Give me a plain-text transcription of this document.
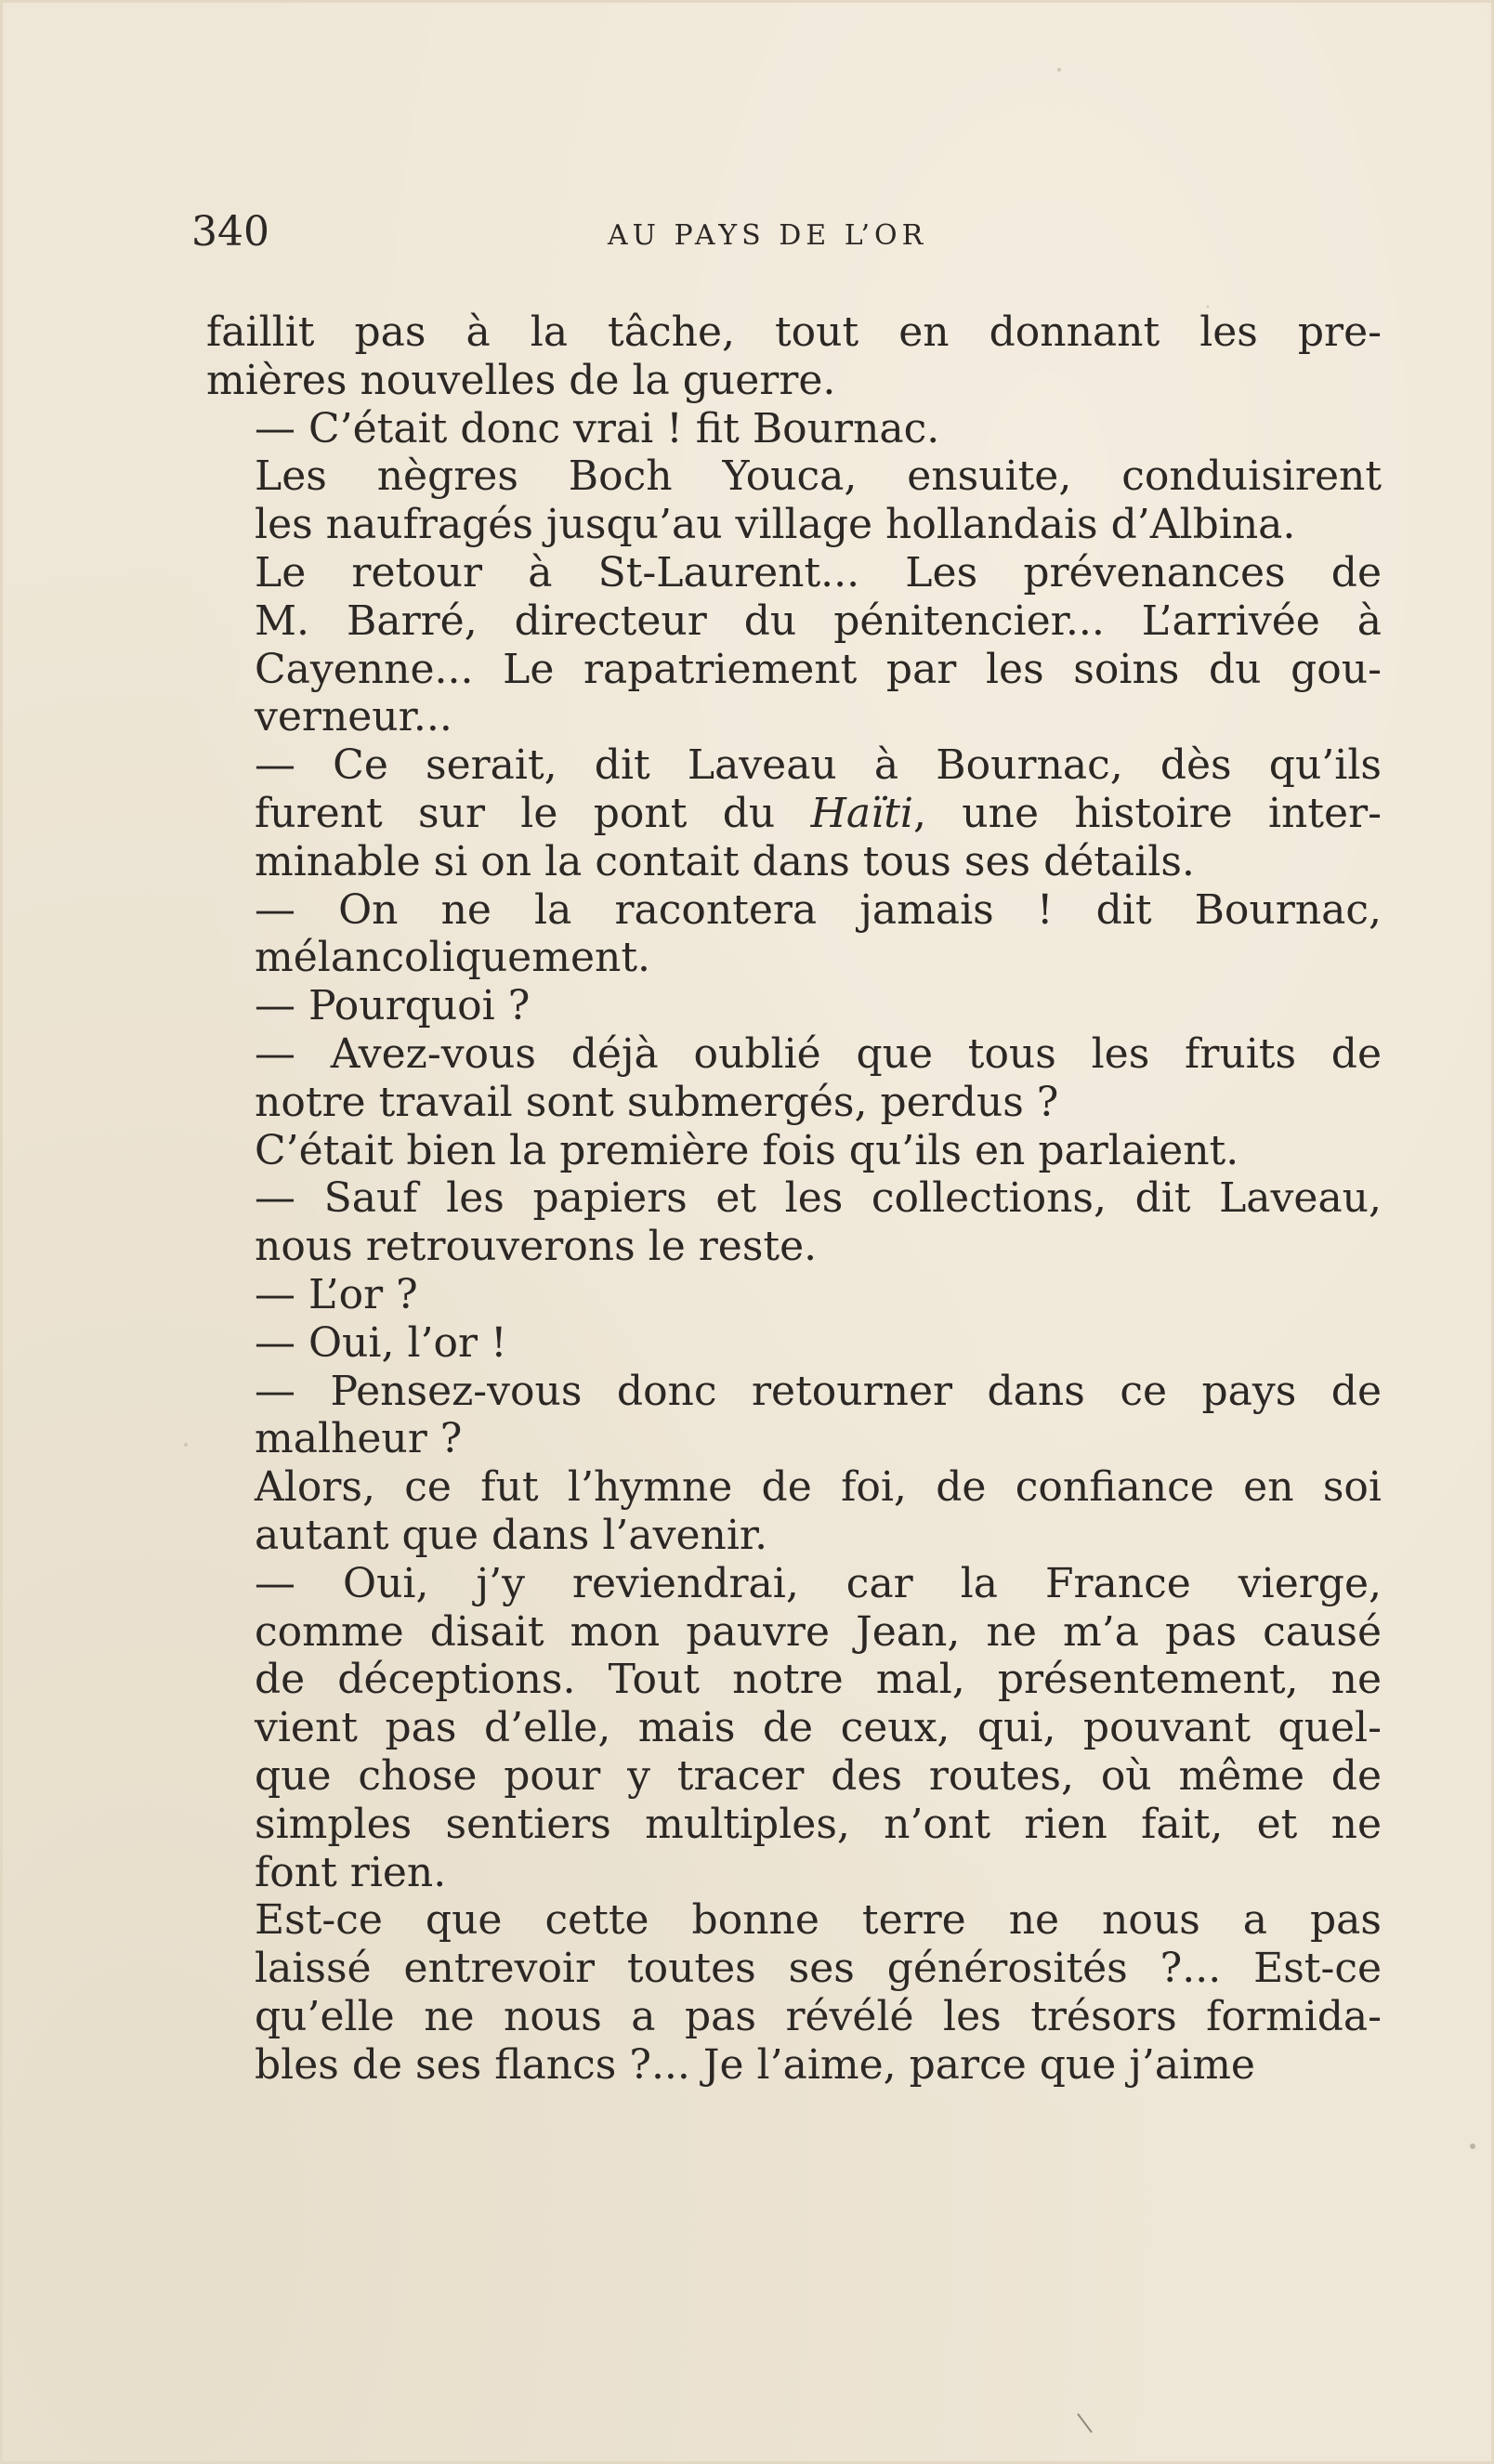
340	AU PAYS DE L’OR

faillit pas à la tâche, tout en donnant les pre-
mières nouvelles de la guerre.

— C’était donc vrai ! fit Bournac.

Les nègres Boch Youca, ensuite, conduisirent
les naufragés jusqu’au village hollandais d’Albina.

Le retour à St-Laurent... Les prévenances de
M. Barré, directeur du pénitencier... L’arrivée à
Cayenne... Le rapatriement par les soins du gou-
verneur...

— Ce serait, dit Laveau à Bournac, dès qu’ils
furent sur le pont du Haïti, une histoire inter-
minable si on la contait dans tous ses détails.

— On ne la racontera jamais ! dit Bournac,
mélancoliquement.

— Pourquoi ?

— Avez-vous déjà oublié que tous les fruits de
notre travail sont submergés, perdus ?

C’était bien la première fois qu’ils en parlaient.

— Sauf les papiers et les collections, dit Laveau,
nous retrouverons le reste.

— L’or ?

— Oui, l’or !

— Pensez-vous donc retourner dans ce pays de
malheur ?

Alors, ce fut l’hymne de foi, de confiance en soi
autant que dans l’avenir.

— Oui, j’y reviendrai, car la France vierge,
comme disait mon pauvre Jean, ne m’a pas causé
de déceptions. Tout notre mal, présentement, ne
vient pas d’elle, mais de ceux, qui, pouvant quel-
que chose pour y tracer des routes, où même de
simples sentiers multiples, n’ont rien fait, et ne
font rien.

Est-ce que cette bonne terre ne nous a pas
laissé entrevoir toutes ses générosités ?... Est-ce
qu’elle ne nous a pas révélé les trésors formida-
bles de ses flancs ?... Je l’aime, parce que j’aime
